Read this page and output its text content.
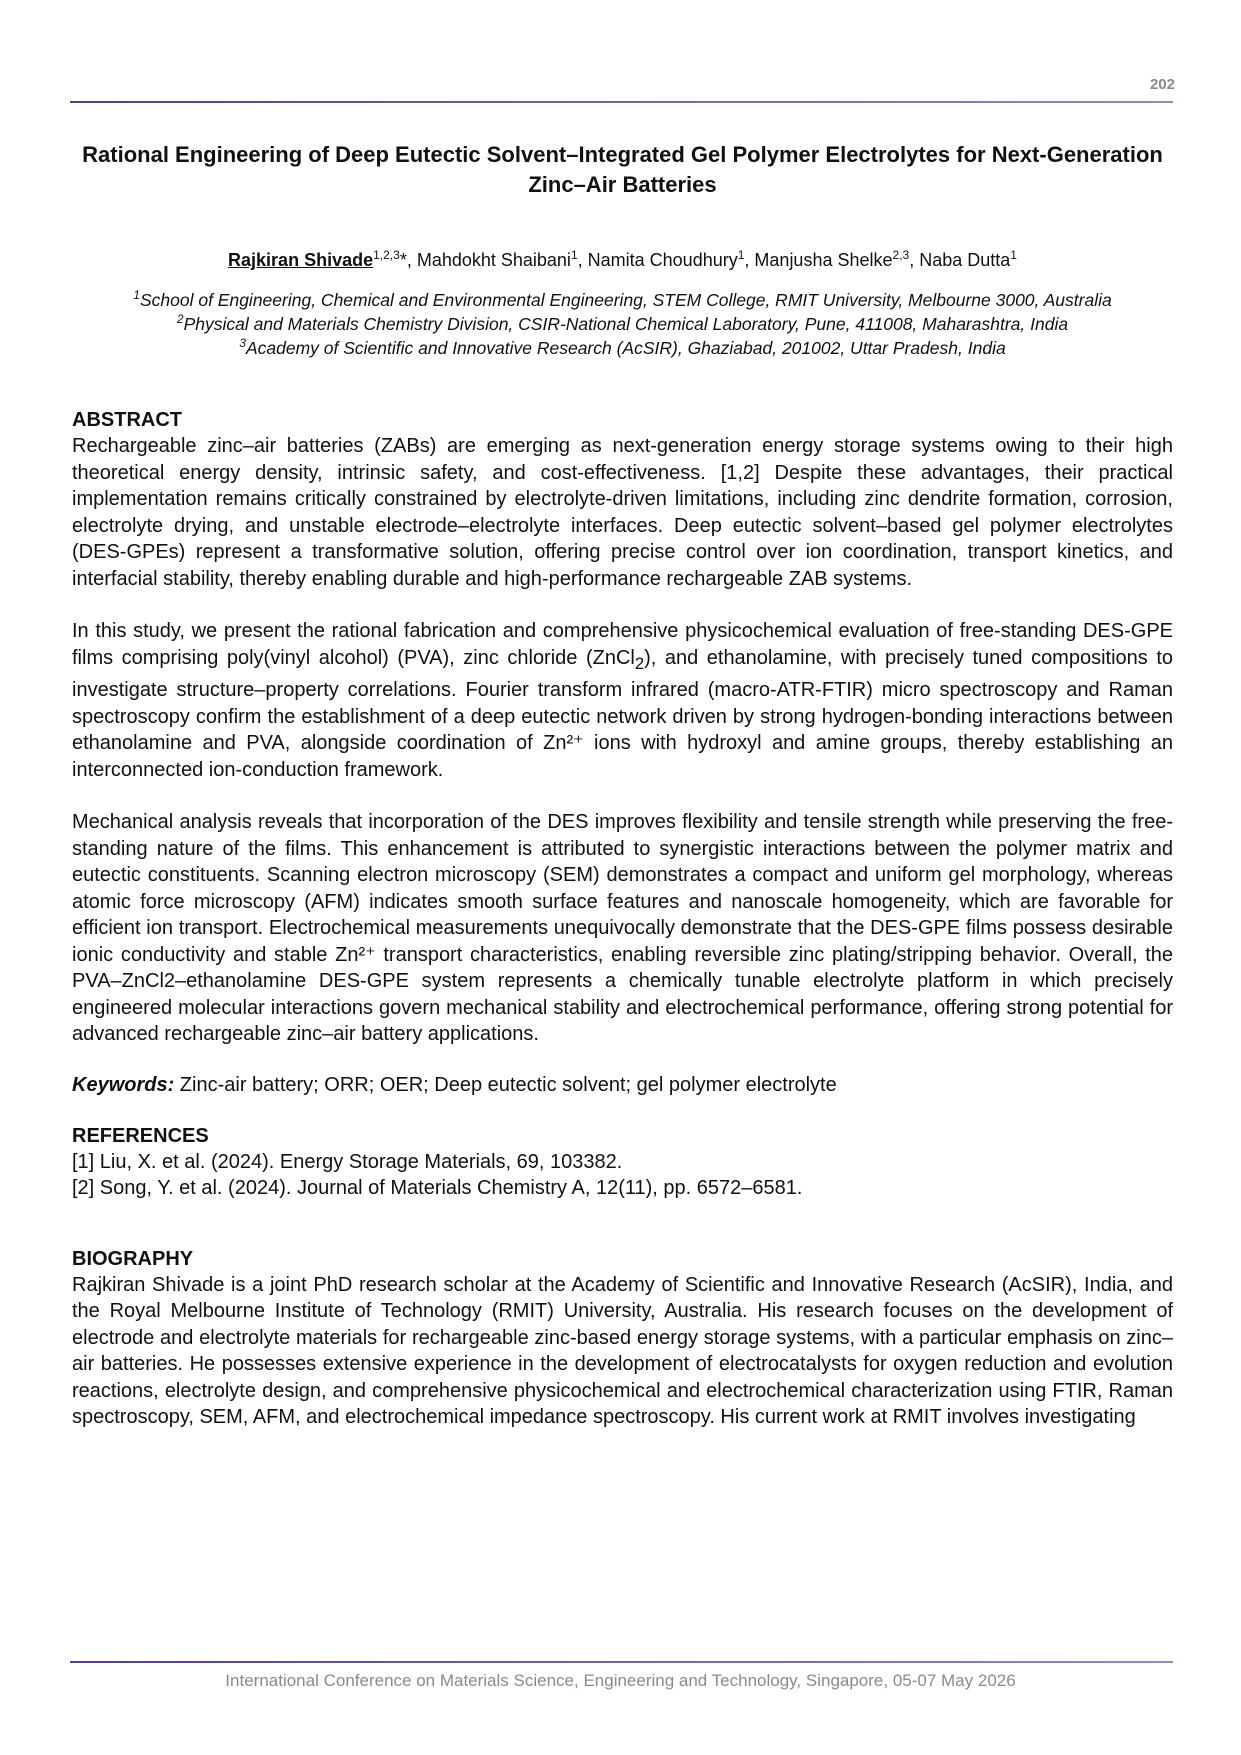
202
Rational Engineering of Deep Eutectic Solvent–Integrated Gel Polymer Electrolytes for Next-Generation Zinc–Air Batteries
Rajkiran Shivade$^{1,2,3}$*, Mahdokht Shaibani$^1$, Namita Choudhury$^1$, Manjusha Shelke$^{2,3}$, Naba Dutta$^1$
$^1$School of Engineering, Chemical and Environmental Engineering, STEM College, RMIT University, Melbourne 3000, Australia
$^2$Physical and Materials Chemistry Division, CSIR-National Chemical Laboratory, Pune, 411008, Maharashtra, India
$^3$Academy of Scientific and Innovative Research (AcSIR), Ghaziabad, 201002, Uttar Pradesh, India
ABSTRACT

Rechargeable zinc–air batteries (ZABs) are emerging as next-generation energy storage systems owing to their high theoretical energy density, intrinsic safety, and cost-effectiveness. [1,2] Despite these advantages, their practical implementation remains critically constrained by electrolyte-driven limitations, including zinc dendrite formation, corrosion, electrolyte drying, and unstable electrode–electrolyte interfaces. Deep eutectic solvent–based gel polymer electrolytes (DES-GPEs) represent a transformative solution, offering precise control over ion coordination, transport kinetics, and interfacial stability, thereby enabling durable and high-performance rechargeable ZAB systems.

In this study, we present the rational fabrication and comprehensive physicochemical evaluation of free-standing DES-GPE films comprising poly(vinyl alcohol) (PVA), zinc chloride (ZnCl$_2$), and ethanolamine, with precisely tuned compositions to investigate structure–property correlations. Fourier transform infrared (macro-ATR-FTIR) micro spectroscopy and Raman spectroscopy confirm the establishment of a deep eutectic network driven by strong hydrogen-bonding interactions between ethanolamine and PVA, alongside coordination of Zn²⁺ ions with hydroxyl and amine groups, thereby establishing an interconnected ion-conduction framework.

Mechanical analysis reveals that incorporation of the DES improves flexibility and tensile strength while preserving the free-standing nature of the films. This enhancement is attributed to synergistic interactions between the polymer matrix and eutectic constituents. Scanning electron microscopy (SEM) demonstrates a compact and uniform gel morphology, whereas atomic force microscopy (AFM) indicates smooth surface features and nanoscale homogeneity, which are favorable for efficient ion transport. Electrochemical measurements unequivocally demonstrate that the DES-GPE films possess desirable ionic conductivity and stable Zn²⁺ transport characteristics, enabling reversible zinc plating/stripping behavior. Overall, the PVA–ZnCl2–ethanolamine DES-GPE system represents a chemically tunable electrolyte platform in which precisely engineered molecular interactions govern mechanical stability and electrochemical performance, offering strong potential for advanced rechargeable zinc–air battery applications.

Keywords: Zinc-air battery; ORR; OER; Deep eutectic solvent; gel polymer electrolyte
REFERENCES
[1] Liu, X. et al. (2024). Energy Storage Materials, 69, 103382.
[2] Song, Y. et al. (2024). Journal of Materials Chemistry A, 12(11), pp. 6572–6581.
BIOGRAPHY

Rajkiran Shivade is a joint PhD research scholar at the Academy of Scientific and Innovative Research (AcSIR), India, and the Royal Melbourne Institute of Technology (RMIT) University, Australia. His research focuses on the development of electrode and electrolyte materials for rechargeable zinc-based energy storage systems, with a particular emphasis on zinc–air batteries. He possesses extensive experience in the development of electrocatalysts for oxygen reduction and evolution reactions, electrolyte design, and comprehensive physicochemical and electrochemical characterization using FTIR, Raman spectroscopy, SEM, AFM, and electrochemical impedance spectroscopy. His current work at RMIT involves investigating

International Conference on Materials Science, Engineering and Technology, Singapore, 05-07 May 2026
